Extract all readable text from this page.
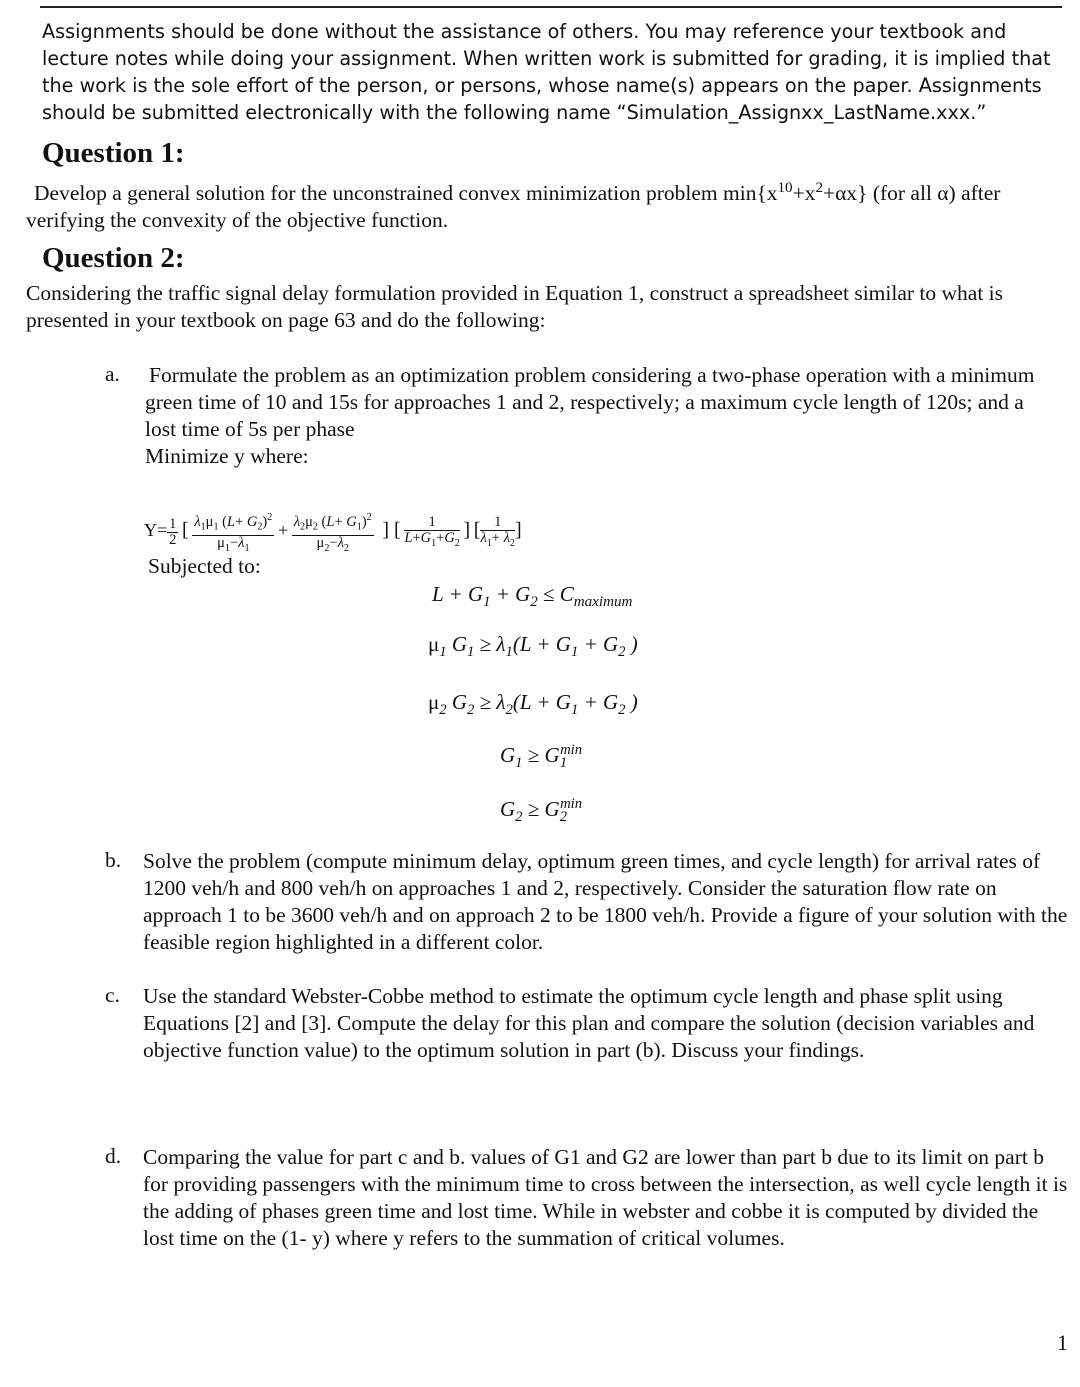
Assignments should be done without the assistance of others. You may reference your textbook and lecture notes while doing your assignment. When written work is submitted for grading, it is implied that the work is the sole effort of the person, or persons, whose name(s) appears on the paper. Assignments should be submitted electronically with the following name “Simulation_Assignxx_LastName.xxx.”
Question 1:
Develop a general solution for the unconstrained convex minimization problem $\min\{x^{10}+x^2+\alpha x\}$ (for all α) after verifying the convexity of the objective function.
Question 2:
Considering the traffic signal delay formulation provided in Equation 1, construct a spreadsheet similar to what is presented in your textbook on page 63 and do the following:
a. Formulate the problem as an optimization problem considering a two-phase operation with a minimum green time of 10 and 15s for approaches 1 and 2, respectively; a maximum cycle length of 120s; and a lost time of 5s per phase
Minimize y where:
$Y= \frac{1}{2}$ [ $\frac{\lambda_1\mu_1 (L+ G_2)^2}{\mu_1-\lambda_1} + \frac{\lambda_2\mu_2 (L+ G_1)^2}{\mu_2-\lambda_2}$ ] [ $\frac{1}{L+G_1+G_2}$ ] [ $\frac{1}{\lambda_1+ \lambda_2}$ ]
Subjected to:
$L + G_1 + G_2 \le C_{maximum}$
$\mu_1$ $G_1 \ge \lambda_1(L + G_1 + G_2$ )
$\mu_2$ $G_2 \ge \lambda_2(L + G_1 + G_2$ )
$G_1 \ge G_1^{min}$
$G_2 \ge G_2^{min}$
b. Solve the problem (compute minimum delay, optimum green times, and cycle length) for arrival rates of 1200 veh/h and 800 veh/h on approaches 1 and 2, respectively. Consider the saturation flow rate on approach 1 to be 3600 veh/h and on approach 2 to be 1800 veh/h. Provide a figure of your solution with the feasible region highlighted in a different color.
c. Use the standard Webster-Cobbe method to estimate the optimum cycle length and phase split using Equations [2] and [3]. Compute the delay for this plan and compare the solution (decision variables and objective function value) to the optimum solution in part (b). Discuss your findings.
d. Comparing the value for part c and b. values of G1 and G2 are lower than part b due to its limit on part b for providing passengers with the minimum time to cross between the intersection, as well cycle length it is the adding of phases green time and lost time. While in webster and cobbe it is computed by divided the lost time on the (1- y) where y refers to the summation of critical volumes.
1
